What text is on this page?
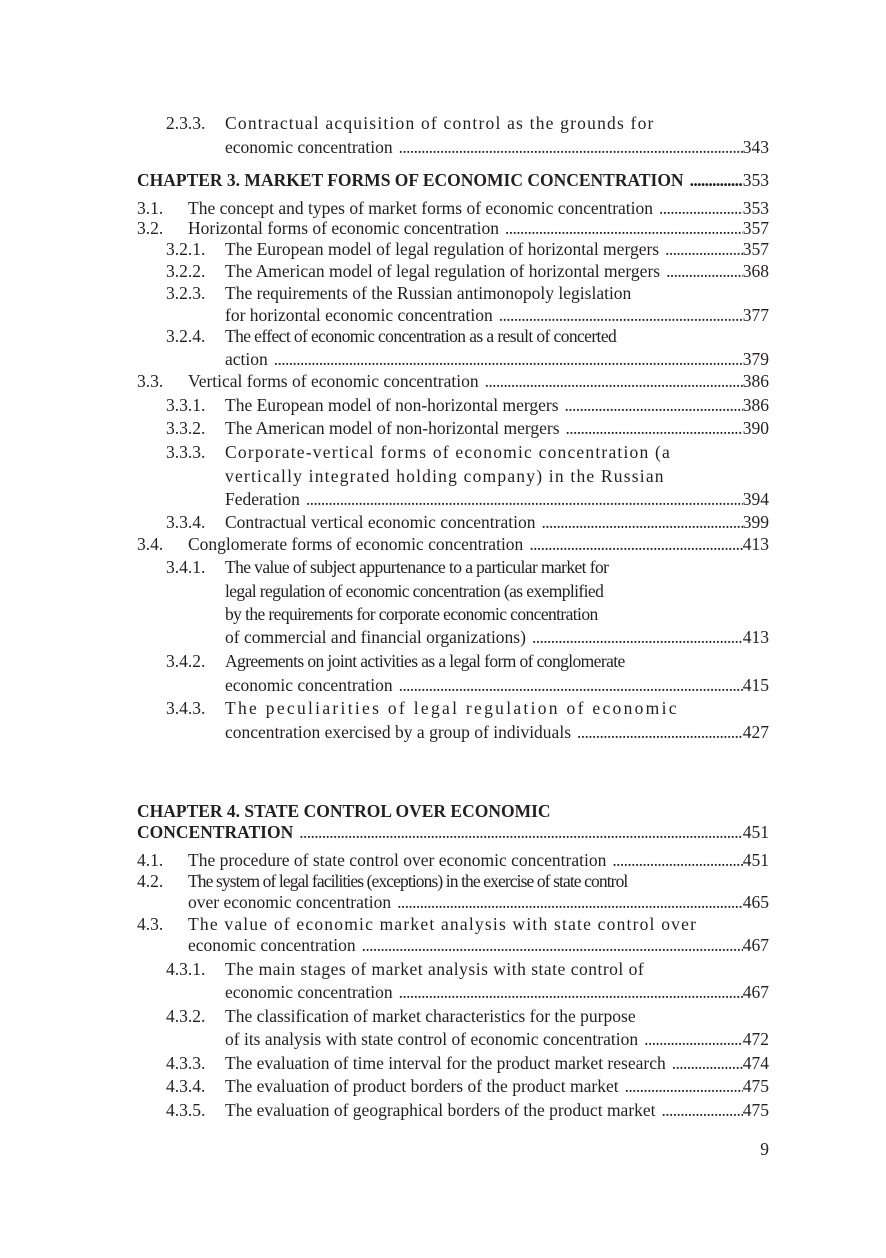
2.3.3. Contractual acquisition of control as the grounds for
economic concentration . . .	343
CHAPTER 3. MARKET FORMS OF ECONOMIC CONCENTRATION . . .	353
3.1. The concept and types of market forms of economic concentration . . .	353
3.2. Horizontal forms of economic concentration . . .	357
3.2.1. The European model of legal regulation of horizontal mergers . . .	357
3.2.2. The American model of legal regulation of horizontal mergers . . .	368
3.2.3. The requirements of the Russian antimonopoly legislation
for horizontal economic concentration . . .	377
3.2.4. The effect of economic concentration as a result of concerted
action . . .	379
3.3. Vertical forms of economic concentration . . .	386
3.3.1. The European model of non-horizontal mergers . . .	386
3.3.2. The American model of non-horizontal mergers . . .	390
3.3.3. Corporate-vertical forms of economic concentration (a
vertically integrated holding company) in the Russian
Federation . . .	394
3.3.4. Contractual vertical economic concentration . . .	399
3.4. Conglomerate forms of economic concentration . . .	413
3.4.1. The value of subject appurtenance to a particular market for
legal regulation of economic concentration (as exemplified
by the requirements for corporate economic concentration
of commercial and financial organizations) . . .	413
3.4.2. Agreements on joint activities as a legal form of conglomerate
economic concentration . . .	415
3.4.3. The peculiarities of legal regulation of economic
concentration exercised by a group of individuals . . .	427
CHAPTER 4. STATE CONTROL OVER ECONOMIC
CONCENTRATION . . .	451
4.1. The procedure of state control over economic concentration . . .	451
4.2. The system of legal facilities (exceptions) in the exercise of state control
over economic concentration . . .	465
4.3. The value of economic market analysis with state control over
economic concentration . . .	467
4.3.1. The main stages of market analysis with state control of
economic concentration . . .	467
4.3.2. The classification of market characteristics for the purpose
of its analysis with state control of economic concentration . . .	472
4.3.3. The evaluation of time interval for the product market research . . .	474
4.3.4. The evaluation of product borders of the product market . . .	475
4.3.5. The evaluation of geographical borders of the product market . . .	475
9
